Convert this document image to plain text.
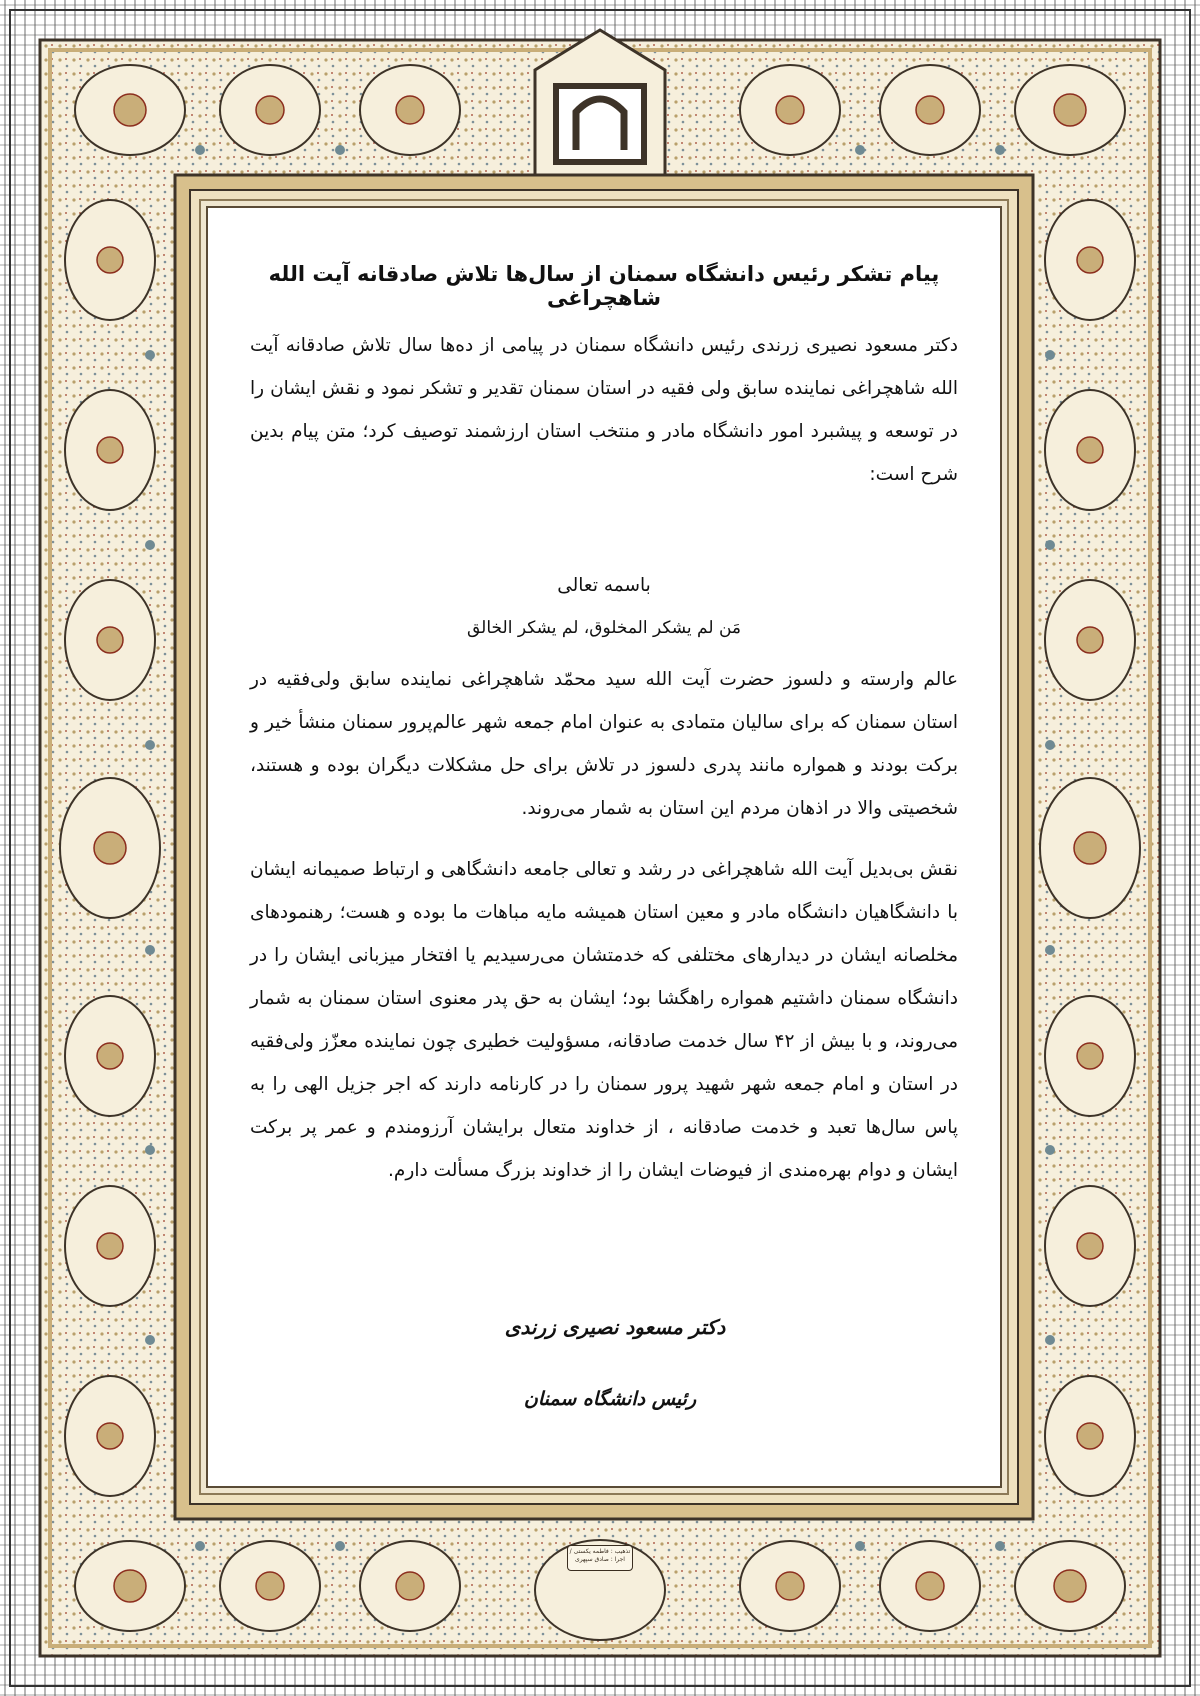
پیام تشکر رئیس دانشگاه سمنان از سال‌ها تلاش صادقانه آیت الله شاهچراغی

دکتر مسعود نصیری زرندی رئیس دانشگاه سمنان در پیامی از ده‌ها سال تلاش صادقانه آیت الله شاهچراغی نماینده سابق ولی فقیه در استان سمنان تقدیر و تشکر نمود و نقش ایشان را در توسعه و پیشبرد امور دانشگاه مادر و منتخب استان ارزشمند توصیف کرد؛ متن پیام بدین شرح است:

باسمه تعالی

مَن لم یشکر المخلوق، لم یشکر الخالق

عالم وارسته و دلسوز حضرت آیت الله سید محمّد شاهچراغی نماینده سابق ولی‌فقیه در استان سمنان که برای سالیان متمادی به عنوان امام جمعه شهر عالم‌پرور سمنان منشأ خیر و برکت بودند و همواره مانند پدری دلسوز در تلاش برای حل مشکلات دیگران بوده و هستند، شخصیتی والا در اذهان مردم این استان به شمار می‌روند.

نقش بی‌بدیل آیت الله شاهچراغی در رشد و تعالی جامعه دانشگاهی و ارتباط صمیمانه ایشان با دانشگاهیان دانشگاه مادر و معین استان همیشه مایه مباهات ما بوده و هست؛ رهنمودهای مخلصانه ایشان در دیدارهای مختلفی که خدمتشان می‌رسیدیم یا افتخار میزبانی ایشان را در دانشگاه سمنان داشتیم همواره راهگشا بود؛ ایشان به حق پدر معنوی استان سمنان به شمار می‌روند، و با بیش از ۴۲ سال خدمت صادقانه، مسؤولیت خطیری چون نماینده معزّز ولی‌فقیه در استان و امام جمعه شهر شهید پرور سمنان را در کارنامه دارند که اجر جزیل الهی را به پاس سال‌ها تعبد و خدمت صادقانه ، از خداوند متعال برایشان آرزومندم و عمر پر برکت ایشان و دوام بهره‌مندی از فیوضات ایشان را از خداوند بزرگ مسألت دارم.

دکتر مسعود نصیری زرندی
رئیس دانشگاه سمنان
تذهیب : فاطمه یکستی / اجرا : صادق سپهری
